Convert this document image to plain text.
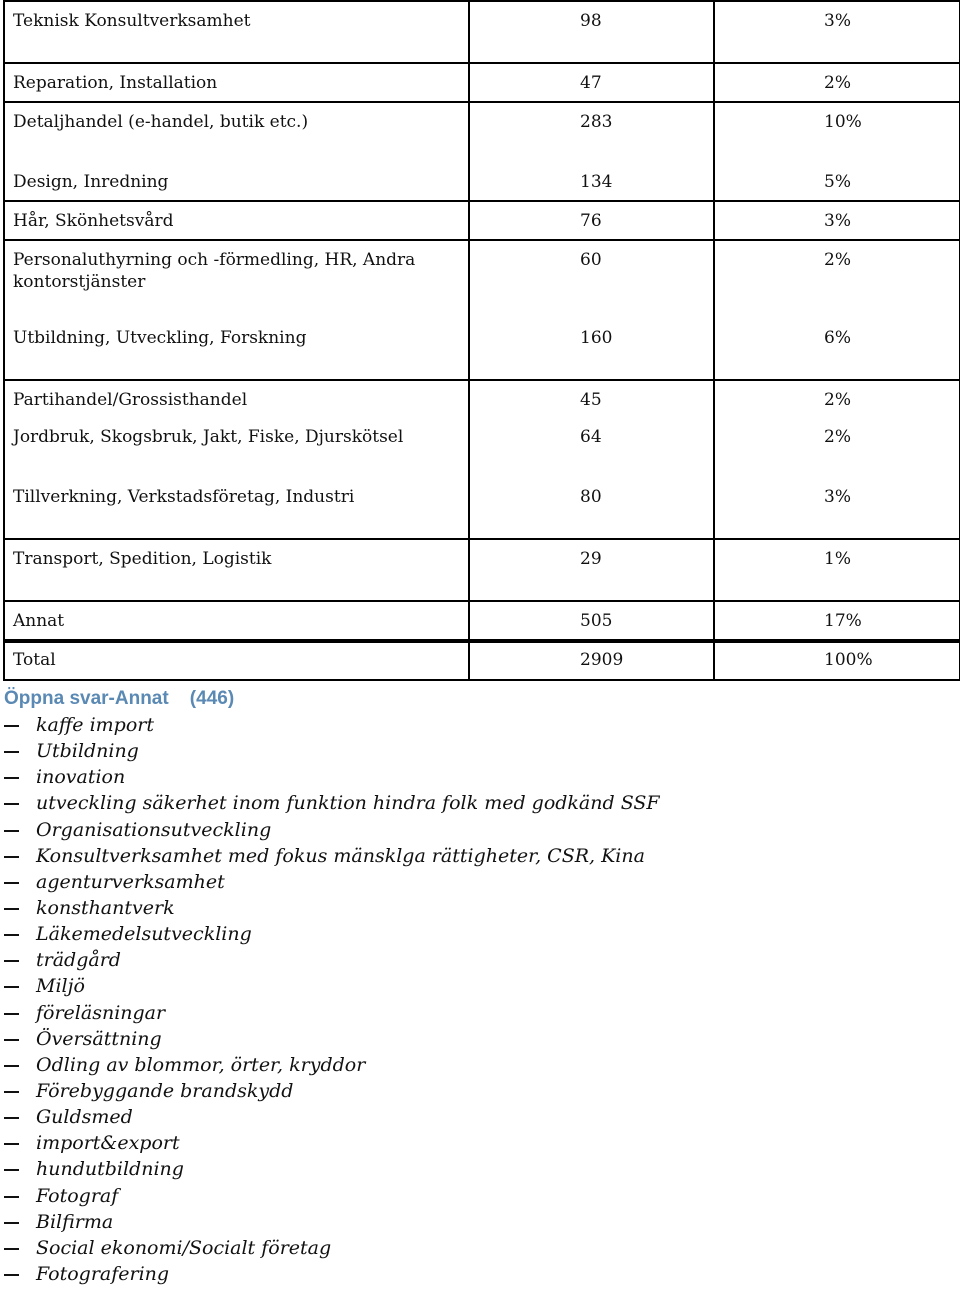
Teknisk Konsultverksamhet	98	3%

Reparation, Installation	47	2%

Detaljhandel (e-handel, butik etc.)	283	10%

Design, Inredning	134	5%

Hår, Skönhetsvård	76	3%

Personaluthyrning och -förmedling, HR, Andra kontorstjänster	60	2%

Utbildning, Utveckling, Forskning	160	6%

Partihandel/Grossisthandel	45	2%

Jordbruk, Skogsbruk, Jakt, Fiske, Djurskötsel	64	2%

Tillverkning, Verkstadsföretag, Industri	80	3%

Transport, Spedition, Logistik	29	1%

Annat	505	17%

Total	2909	100%
Öppna svar-Annat    (446)
kaffe import
Utbildning
inovation
utveckling säkerhet inom funktion hindra folk med godkänd SSF
Organisationsutveckling
Konsultverksamhet med fokus mänsklga rättigheter, CSR, Kina
agenturverksamhet
konsthantverk
Läkemedelsutveckling
trädgård
Miljö
föreläsningar
Översättning
Odling av blommor, örter, kryddor
Förebyggande brandskydd
Guldsmed
import&export
hundutbildning
Fotograf
Bilfirma
Social ekonomi/Socialt företag
Fotografering
